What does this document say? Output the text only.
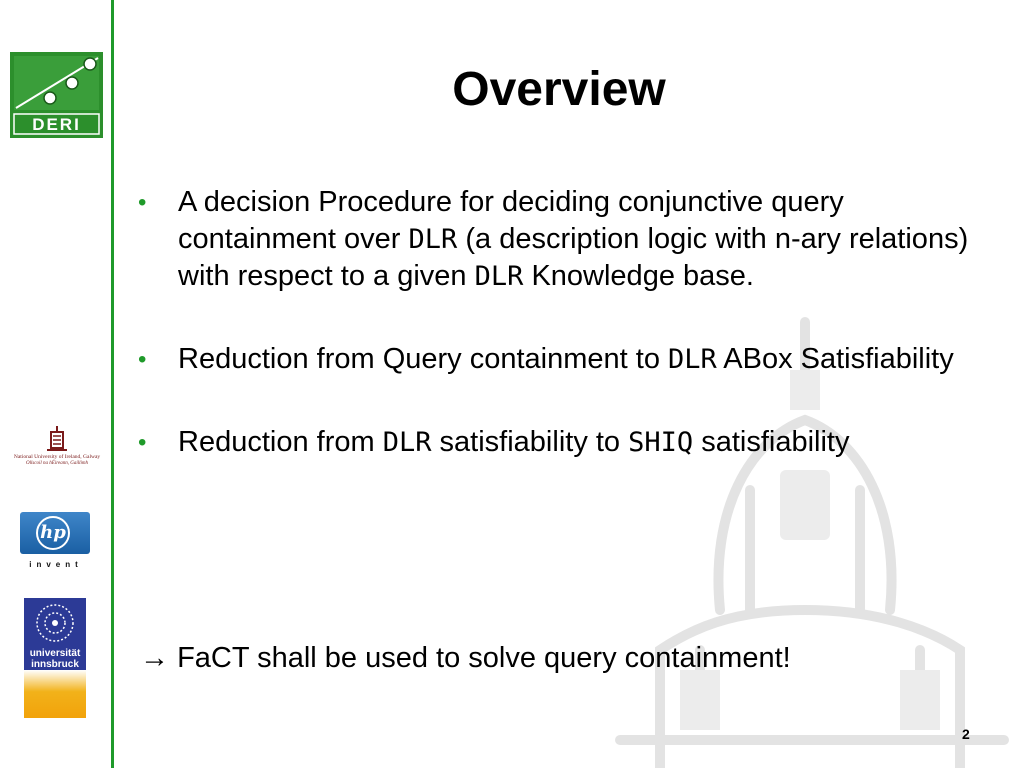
DERI
National University of Ireland, Galway
Ollscoil na hÉireann, Gaillimh
hp
invent
universität
innsbruck
Overview
• A decision Procedure for deciding conjunctive query containment over DLR (a description logic with n-ary relations) with respect to a given DLR Knowledge base.
• Reduction from Query containment to DLR ABox Satisfiability
• Reduction from DLR satisfiability to SHIQ satisfiability
→ FaCT shall be used to solve query containment!
2
